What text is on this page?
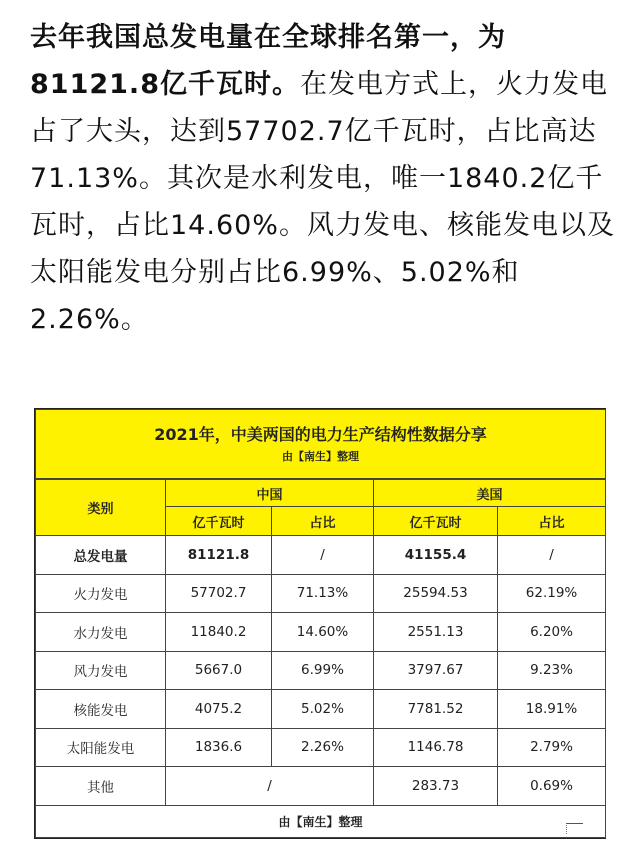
去年我国总发电量在全球排名第一，为81121.8亿千瓦时。在发电方式上，火力发电占了大头，达到57702.7亿千瓦时，占比高达71.13%。其次是水利发电，唯一1840.2亿千瓦时，占比14.60%。风力发电、核能发电以及太阳能发电分别占比6.99%、5.02%和2.26%。
2021年，中美两国的电力生产结构性数据分享
由【南生】整理				

类别	中国		美国	
	亿千瓦时	占比	亿千瓦时	占比
总发电量	81121.8	/	41155.4	/
火力发电	57702.7	71.13%	25594.53	62.19%
水力发电	11840.2	14.60%	2551.13	6.20%
风力发电	5667.0	6.99%	3797.67	9.23%
核能发电	4075.2	5.02%	7781.52	18.91%
太阳能发电	1836.6	2.26%	1146.78	2.79%
其他	/		283.73	0.69%
由【南生】整理				
